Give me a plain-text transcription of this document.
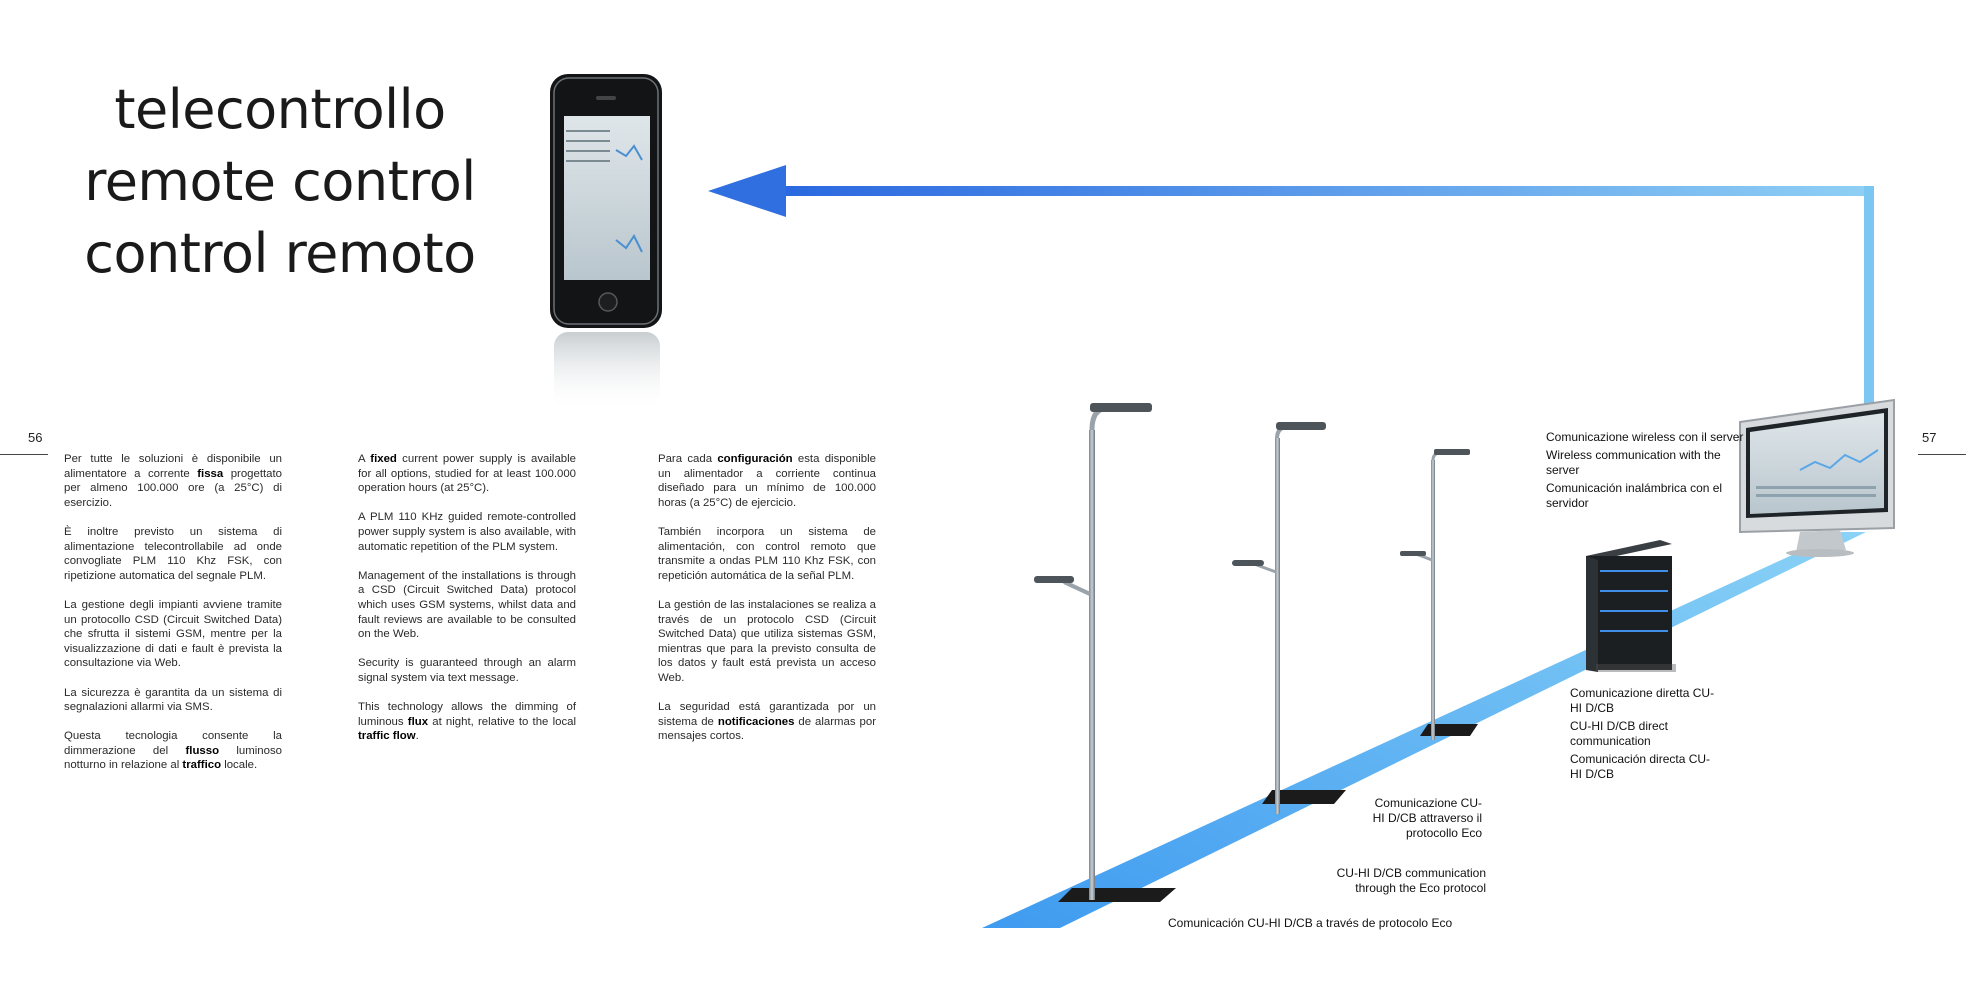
telecontrollo
remote control
control remoto
56	57

Per tutte le soluzioni è disponibile un alimentatore a corrente fissa progettato per almeno 100.000 ore (a 25°C) di esercizio.

È inoltre previsto un sistema di alimentazione telecontrollabile ad onde convogliate PLM 110 Khz FSK, con ripetizione automatica del segnale PLM.

La gestione degli impianti avviene tramite un protocollo CSD (Circuit Switched Data) che sfrutta il sistemi GSM, mentre per la visualizzazione di dati e fault è prevista la consultazione via Web.

La sicurezza è garantita da un sistema di segnalazioni allarmi via SMS.

Questa tecnologia consente la dimmerazione del flusso luminoso notturno in relazione al traffico locale.

A fixed current power supply is available for all options, studied for at least 100.000 operation hours (at 25°C).

A PLM 110 KHz guided remote-controlled power supply system is also available, with automatic repetition of the PLM system.

Management of the installations is through a CSD (Circuit Switched Data) protocol which uses GSM systems, whilst data and fault reviews are available to be consulted on the Web.

Security is guaranteed through an alarm signal system via text message.

This technology allows the dimming of luminous flux at night, relative to the local traffic flow.

Para cada configuración esta disponible un alimentador a corriente continua diseñado para un mínimo de 100.000 horas (a 25°C) de ejercicio.

También incorpora un sistema de alimentación, con control remoto que transmite a ondas PLM 110 Khz FSK, con repetición automática de la señal PLM.

La gestión de las instalaciones se realiza a través de un protocolo CSD (Circuit Switched Data) que utiliza sistemas GSM, mientras que para la previsto consulta de los datos y fault está prevista un acceso Web.

La seguridad está garantizada por un sistema de notificaciones de alarmas por mensajes cortos.

Comunicazione wireless con il server

Wireless communication with the server

Comunicación inalámbrica con el servidor

Comunicazione diretta CU-HI D/CB

CU-HI D/CB direct communication

Comunicación directa CU-HI D/CB

Comunicazione CU-HI D/CB attraverso il protocollo Eco
CU-HI D/CB communication through the Eco protocol
Comunicación CU-HI D/CB a través de protocolo Eco
